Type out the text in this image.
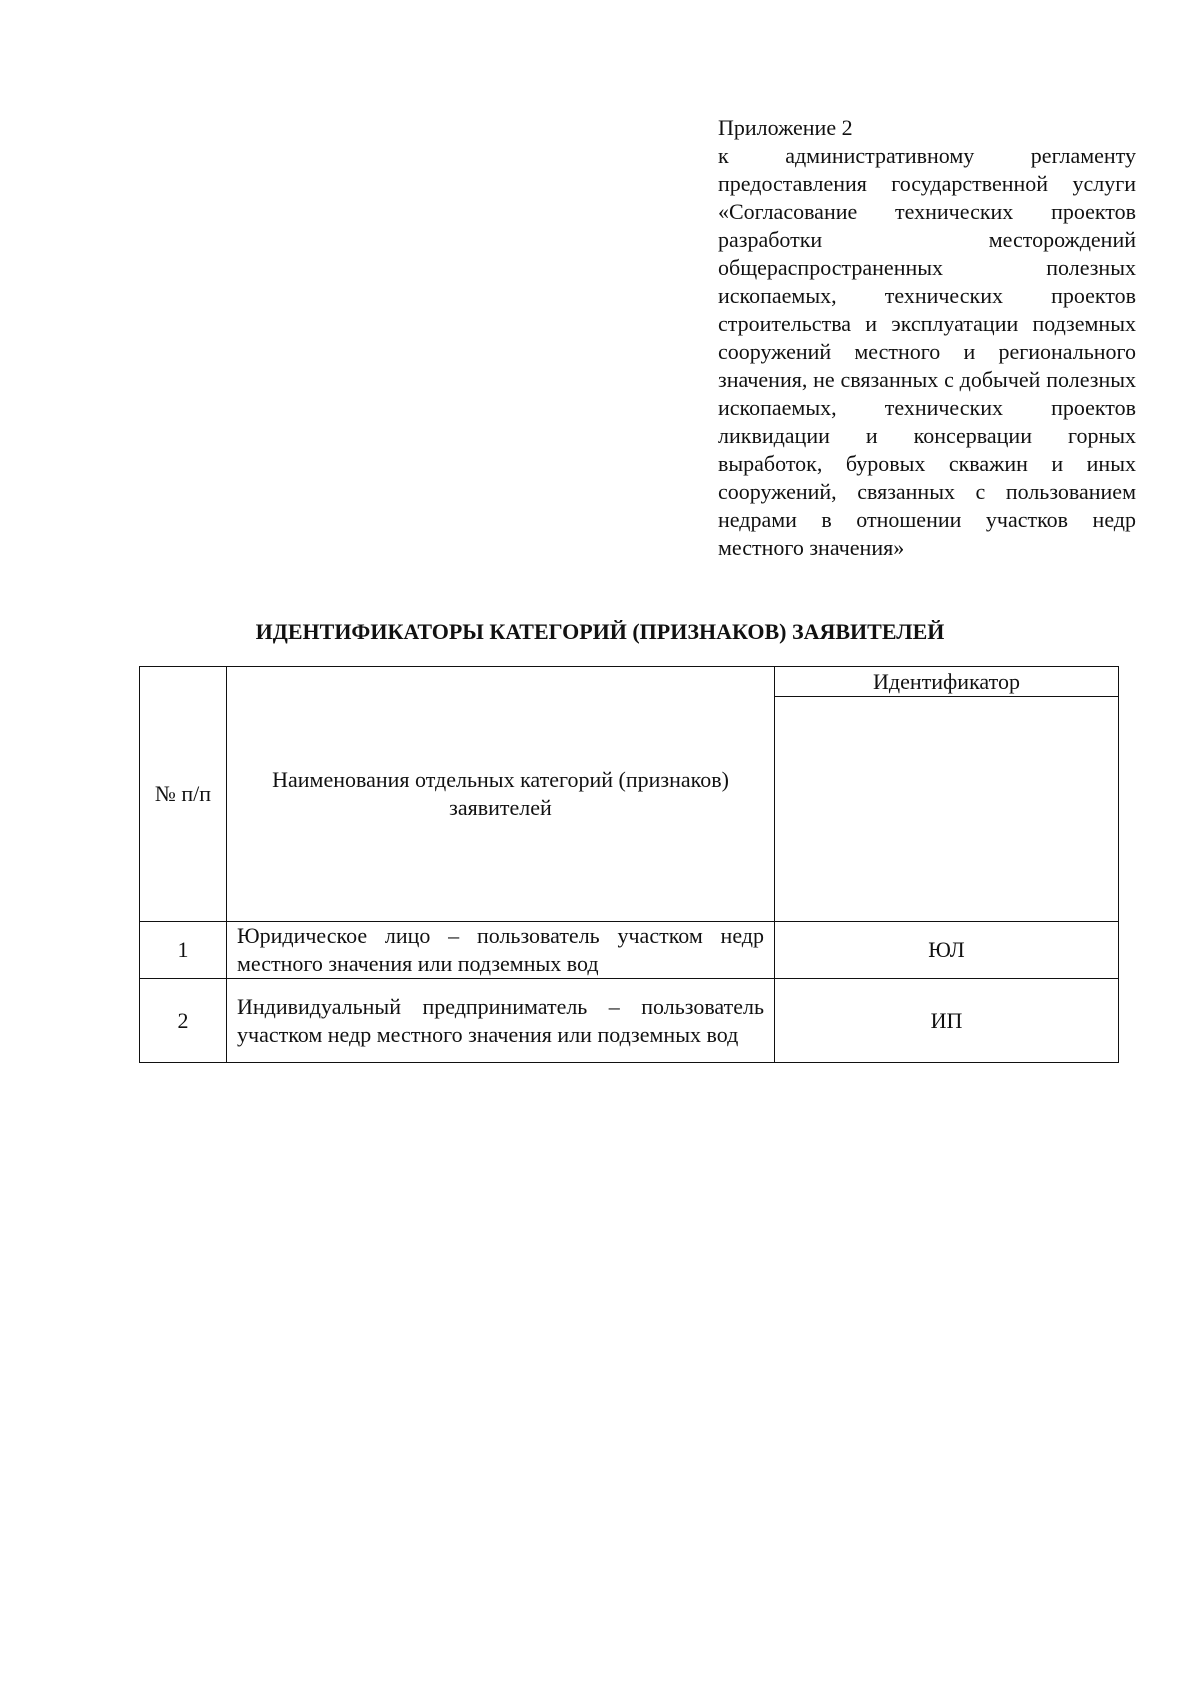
Приложение 2
к административному регламенту предоставления государственной услуги «Согласование технических проектов разработки месторождений общераспространенных полезных ископаемых, технических проектов строительства и эксплуатации подземных сооружений местного и регионального значения, не связанных с добычей полезных ископаемых, технических проектов ликвидации и консервации горных выработок, буровых скважин и иных сооружений, связанных с пользованием недрами в отношении участков недр местного значения»
ИДЕНТИФИКАТОРЫ КАТЕГОРИЙ (ПРИЗНАКОВ) ЗАЯВИТЕЛЕЙ
№ п/п	Наименования отдельных категорий (признаков) заявителей	Идентификатор

1	Юридическое лицо – пользователь участком недр местного значения или подземных вод	ЮЛ
2	Индивидуальный предприниматель – пользователь участком недр местного значения или подземных вод	ИП
